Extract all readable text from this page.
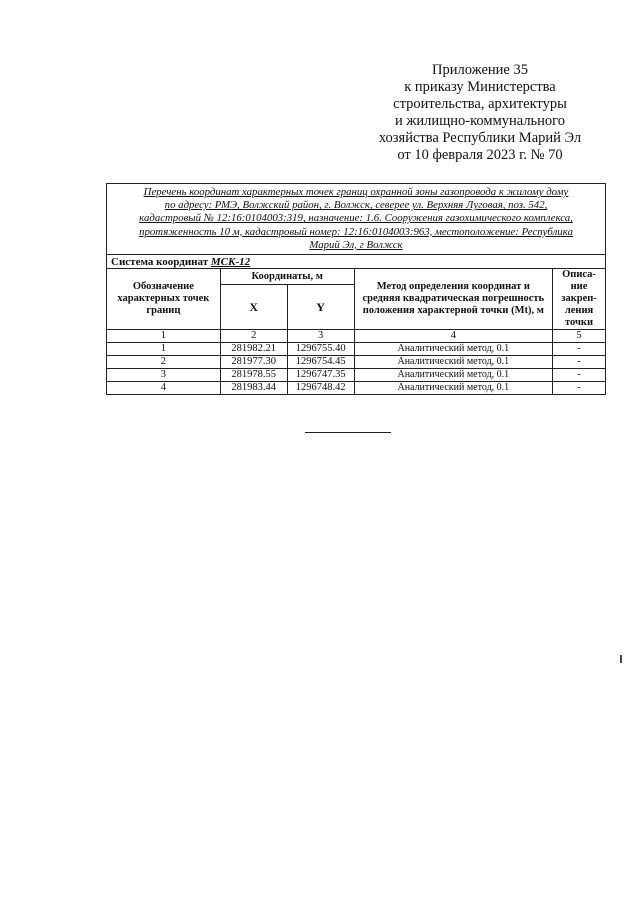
Приложение 35
к приказу Министерства
строительства, архитектуры
и жилищно-коммунального
хозяйства Республики Марий Эл
от 10 февраля 2023 г. № 70
Перечень координат характерных точек границ охранной зоны газопровода к жилому дому
по адресу: РМЭ, Волжский район, г. Волжск, северее ул. Верхняя Луговая, поз. 542,
кадастровый № 12:16:0104003:319, назначение: 1.6. Сооружения газохимического комплекса,
протяженность 10 м, кадастровый номер: 12:16:0104003:963, местоположение: Республика
Марий Эл, г Волжск				

Система координат МСК-12				
Обозначение характерных точек границ	Координаты, м		Метод определения координат и средняя квадратическая погрешность положения характерной точки (Mt), м	Описа-ние закреп-ления точки
	X	Y		
1	2	3	4	5
1	281982.21	1296755.40	Аналитический метод, 0.1	-
2	281977.30	1296754.45	Аналитический метод, 0.1	-
3	281978.55	1296747.35	Аналитический метод, 0.1	-
4	281983.44	1296748.42	Аналитический метод, 0.1	-
